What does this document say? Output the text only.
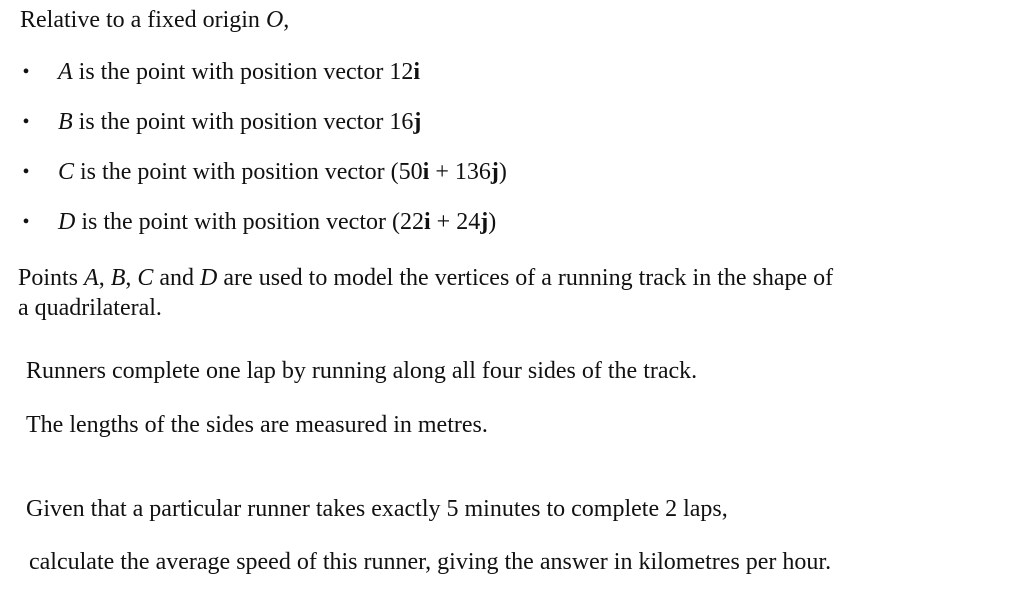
Relative to a fixed origin O,
• A is the point with position vector 12i
• B is the point with position vector 16j
• C is the point with position vector (50i + 136j)
• D is the point with position vector (22i + 24j)
Points A, B, C and D are used to model the vertices of a running track in the shape of
a quadrilateral.
Runners complete one lap by running along all four sides of the track.
The lengths of the sides are measured in metres.
Given that a particular runner takes exactly 5 minutes to complete 2 laps,
calculate the average speed of this runner, giving the answer in kilometres per hour.
